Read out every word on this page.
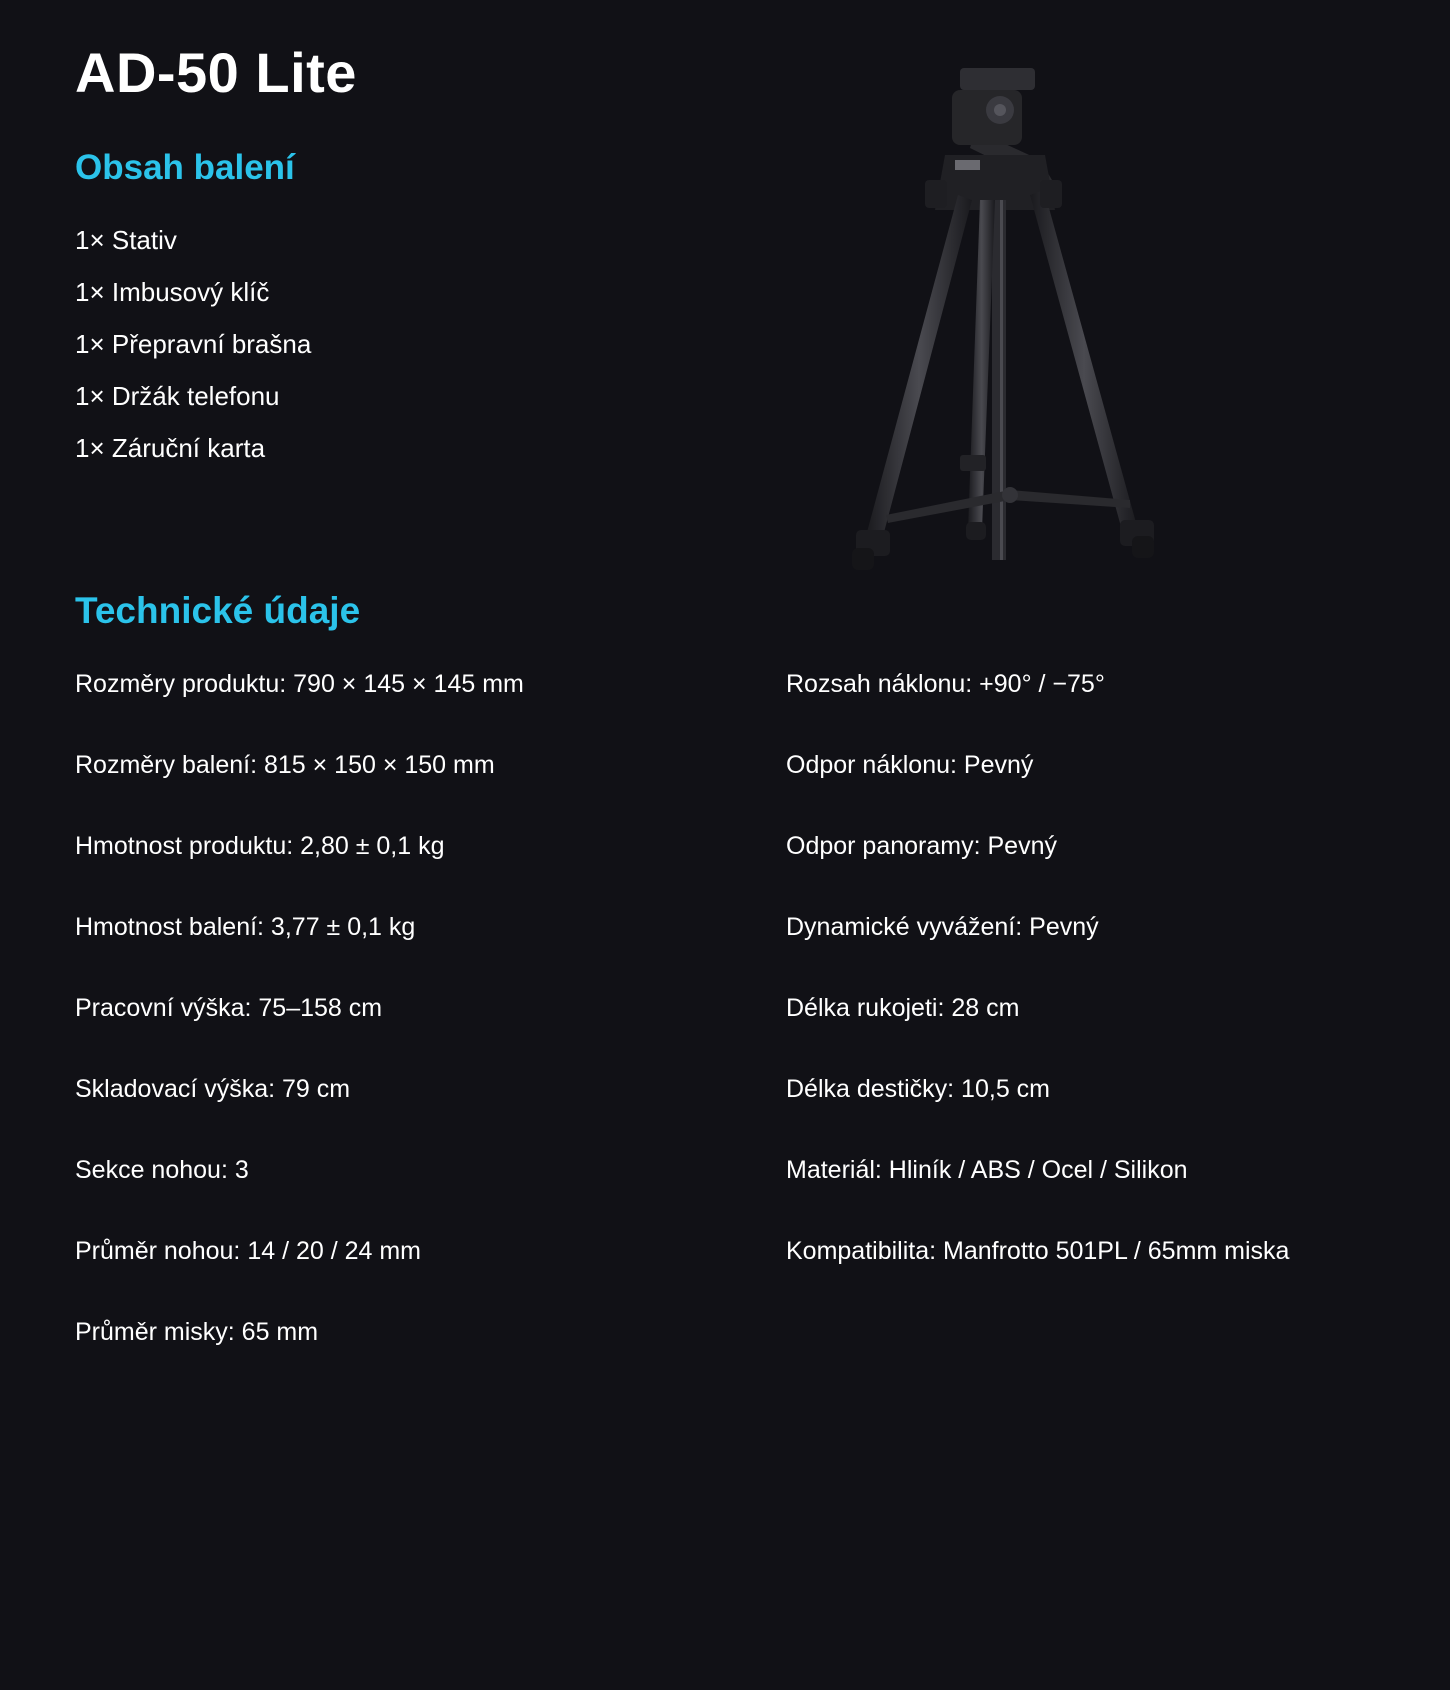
AD-50 Lite
Obsah balení
1× Stativ
1× Imbusový klíč
1× Přepravní brašna
1× Držák telefonu
1× Záruční karta
Technické údaje
Rozměry produktu: 790 × 145 × 145 mm
Rozměry balení: 815 × 150 × 150 mm
Hmotnost produktu: 2,80 ± 0,1 kg
Hmotnost balení: 3,77 ± 0,1 kg
Pracovní výška: 75–158 cm
Skladovací výška: 79 cm
Sekce nohou: 3
Průměr nohou: 14 / 20 / 24 mm
Průměr misky: 65 mm
Rozsah náklonu: +90° / −75°
Odpor náklonu: Pevný
Odpor panoramy: Pevný
Dynamické vyvážení: Pevný
Délka rukojeti: 28 cm
Délka destičky: 10,5 cm
Materiál: Hliník / ABS / Ocel / Silikon
Kompatibilita: Manfrotto 501PL / 65mm miska
